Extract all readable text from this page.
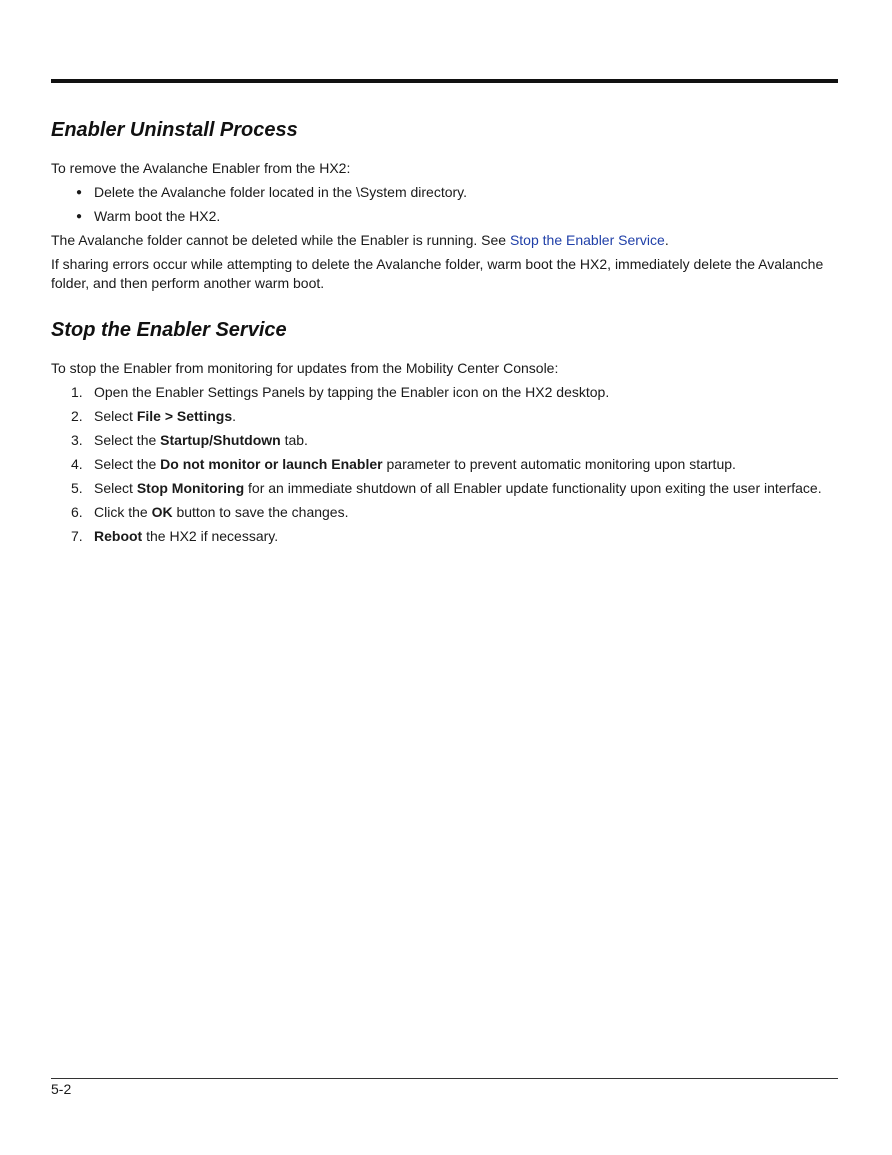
Enabler Uninstall Process

To remove the Avalanche Enabler from the HX2:

● Delete the Avalanche folder located in the \System directory.
● Warm boot the HX2.

The Avalanche folder cannot be deleted while the Enabler is running. See Stop the Enabler Service.

If sharing errors occur while attempting to delete the Avalanche folder, warm boot the HX2, immediately delete the Avalanche folder, and then perform another warm boot.

Stop the Enabler Service

To stop the Enabler from monitoring for updates from the Mobility Center Console:

1. Open the Enabler Settings Panels by tapping the Enabler icon on the HX2 desktop.
2. Select File > Settings.
3. Select the Startup/Shutdown tab.
4. Select the Do not monitor or launch Enabler parameter to prevent automatic monitoring upon startup.
5. Select Stop Monitoring for an immediate shutdown of all Enabler update functionality upon exiting the user interface.
6. Click the OK button to save the changes.
7. Reboot the HX2 if necessary.
5-2
